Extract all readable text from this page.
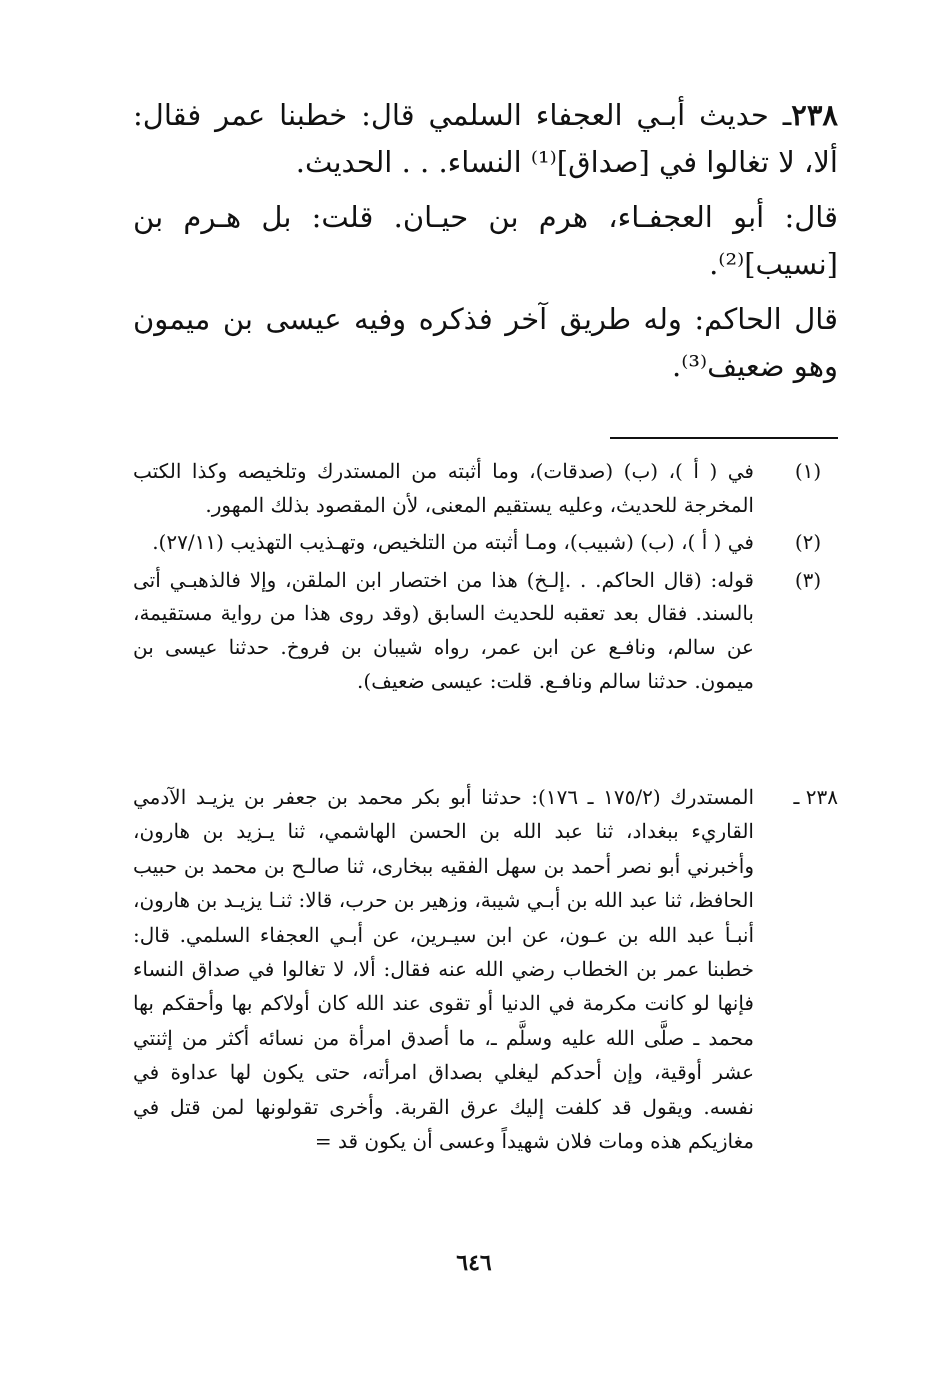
٢٣٨ـ حديث أبـي العجفاء السلمي قال: خطبنا عمر فقال: ألا، لا تغالوا في [صداق]⁽¹⁾ النساء. . . الحديث.

قال: أبو العجفـاء، هرم بن حيـان. قلت: بل هـرم بن [نسيب]⁽²⁾.

قال الحاكم: وله طريق آخر فذكره وفيه عيسى بن ميمون وهو ضعيف⁽³⁾.

(١)
في ( أ )، (ب) (صدقات)، وما أثبته من المستدرك وتلخيصه وكذا الكتب المخرجة للحديث، وعليه يستقيم المعنى، لأن المقصود بذلك المهور.
(٢)
في ( أ )، (ب) (شبيب)، ومـا أثبته من التلخيص، وتهـذيب التهذيب (٢٧/١١).
(٣)
قوله: (قال الحاكم. . .إلـخ) هذا من اختصار ابن الملقن، وإلا فالذهبـي أتى بالسند. فقال بعد تعقبه للحديث السابق (وقد روى هذا من رواية مستقيمة، عن سالم، ونافـع عن ابن عمر، رواه شيبان بن فروخ. حدثنا عيسى بن ميمون. حدثنا سالم ونافـع. قلت: عيسى ضعيف).
٢٣٨ ـ
المستدرك (١٧٥/٢ ـ ١٧٦): حدثنا أبو بكر محمد بن جعفر بن يزيـد الآدمي القاريء ببغداد، ثنا عبد الله بن الحسن الهاشمي، ثنا يـزيد بن هارون، وأخبرني أبو نصر أحمد بن سهل الفقيه ببخارى، ثنا صالـح بن محمد بن حبيب الحافظ، ثنا عبد الله بن أبـي شيبة، وزهير بن حرب، قالا: ثنـا يزيـد بن هارون، أنبـأ عبد الله بن عـون، عن ابن سيـرين، عن أبـي العجفاء السلمي. قال: خطبنا عمر بن الخطاب رضي الله عنه فقال: ألا، لا تغالوا في صداق النساء فإنها لو كانت مكرمة في الدنيا أو تقوى عند الله كان أولاكم بها وأحقكم بها محمد ـ صلَّى الله عليه وسلَّم ـ، ما أصدق امرأة من نسائه أكثر من إثنتي عشر أوقية، وإن أحدكم ليغلي بصداق امرأته، حتى يكون لها عداوة في نفسه. ويقول قد كلفت إليك عرق القربة. وأخرى تقولونها لمن قتل في مغازيكم هذه ومات فلان شهيداً وعسى أن يكون قد =
٦٤٦
